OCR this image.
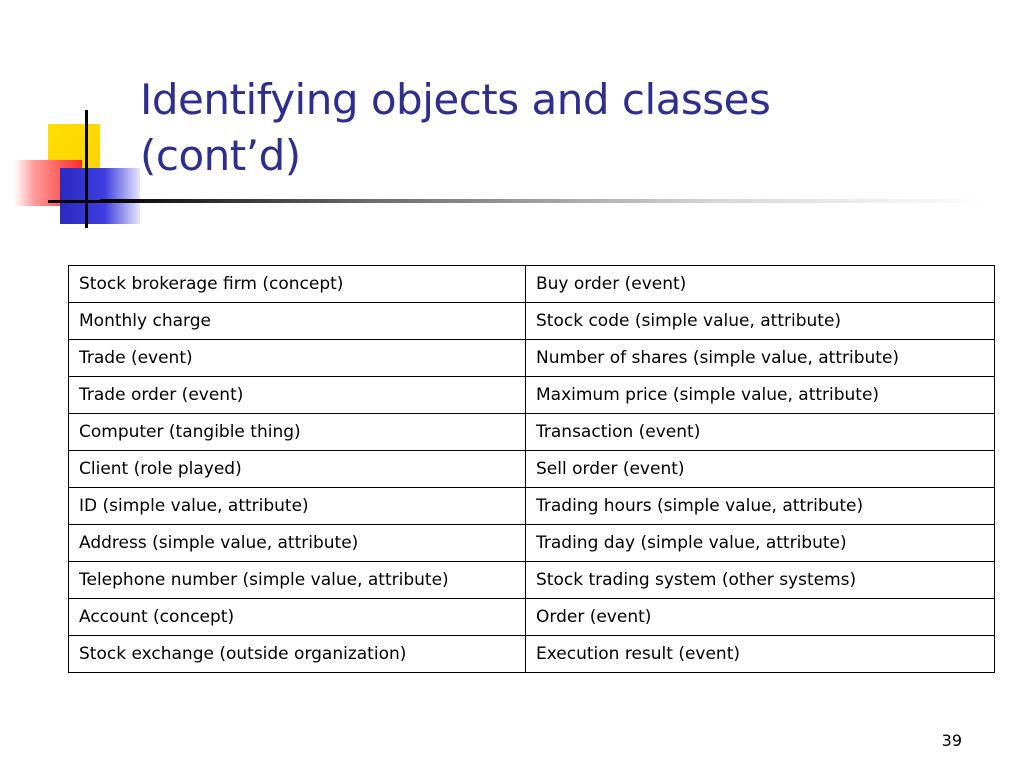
Identifying objects and classes
(cont’d)
Stock brokerage firm (concept)	Buy order (event)
Monthly charge	Stock code (simple value, attribute)
Trade (event)	Number of shares (simple value, attribute)
Trade order (event)	Maximum price (simple value, attribute)
Computer (tangible thing)	Transaction (event)
Client (role played)	Sell order (event)
ID (simple value, attribute)	Trading hours (simple value, attribute)
Address (simple value, attribute)	Trading day (simple value, attribute)
Telephone number (simple value, attribute)	Stock trading system (other systems)
Account (concept)	Order (event)
Stock exchange (outside organization)	Execution result (event)
39
